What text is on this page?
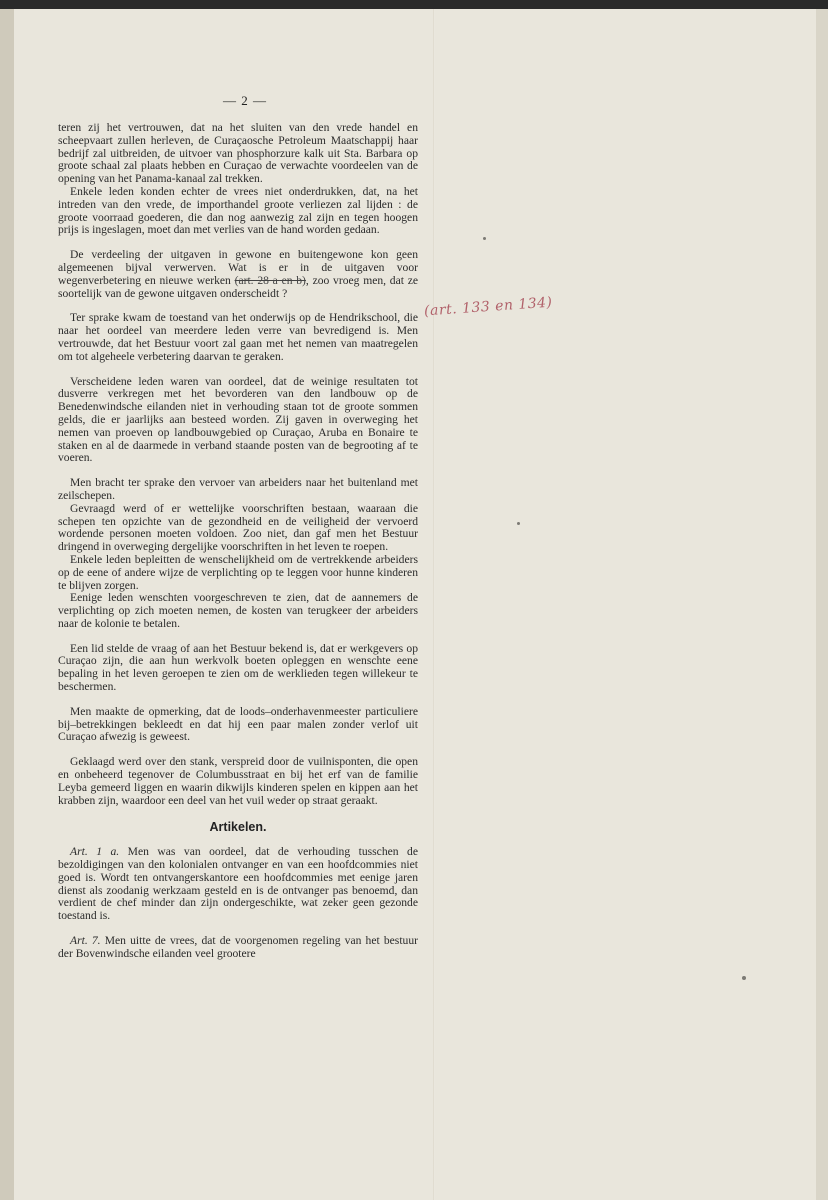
— 2 —

teren zij het vertrouwen, dat na het sluiten van den vrede handel en scheepvaart zullen herleven, de Curaçaosche Petroleum Maatschappij haar bedrijf zal uitbreiden, de uitvoer van phosphorzure kalk uit Sta. Barbara op groote schaal zal plaats hebben en Curaçao de verwachte voordeelen van de opening van het Panama-kanaal zal trekken.

Enkele leden konden echter de vrees niet onderdrukken, dat, na het intreden van den vrede, de importhandel groote verliezen zal lijden : de groote voorraad goederen, die dan nog aanwezig zal zijn en tegen hoogen prijs is ingeslagen, moet dan met verlies van de hand worden gedaan.

De verdeeling der uitgaven in gewone en buitengewone kon geen algemeenen bijval verwerven. Wat is er in de uitgaven voor wegenverbetering en nieuwe werken (art. 28 a en b), zoo vroeg men, dat ze soortelijk van de gewone uitgaven onderscheidt ?

Ter sprake kwam de toestand van het onderwijs op de Hendrikschool, die naar het oordeel van meerdere leden verre van bevredigend is. Men vertrouwde, dat het Bestuur voort zal gaan met het nemen van maatregelen om tot algeheele verbetering daarvan te geraken.

Verscheidene leden waren van oordeel, dat de weinige resultaten tot dusverre verkregen met het bevorderen van den landbouw op de Benedenwindsche eilanden niet in verhouding staan tot de groote sommen gelds, die er jaarlijks aan besteed worden. Zij gaven in overweging het nemen van proeven op landbouwgebied op Curaçao, Aruba en Bonaire te staken en al de daarmede in verband staande posten van de begrooting af te voeren.

Men bracht ter sprake den vervoer van arbeiders naar het buitenland met zeilschepen.

Gevraagd werd of er wettelijke voorschriften bestaan, waaraan die schepen ten opzichte van de gezondheid en de veiligheid der vervoerd wordende personen moeten voldoen. Zoo niet, dan gaf men het Bestuur dringend in overweging dergelijke voorschriften in het leven te roepen.

Enkele leden bepleitten de wenschelijkheid om de vertrekkende arbeiders op de eene of andere wijze de verplichting op te leggen voor hunne kinderen te blijven zorgen.

Eenige leden wenschten voorgeschreven te zien, dat de aannemers de verplichting op zich moeten nemen, de kosten van terugkeer der arbeiders naar de kolonie te betalen.

Een lid stelde de vraag of aan het Bestuur bekend is, dat er werkgevers op Curaçao zijn, die aan hun werkvolk boeten opleggen en wenschte eene bepaling in het leven geroepen te zien om de werklieden tegen willekeur te beschermen.

Men maakte de opmerking, dat de loods–onderhavenmeester particuliere bij–betrekkingen bekleedt en dat hij een paar malen zonder verlof uit Curaçao afwezig is geweest.

Geklaagd werd over den stank, verspreid door de vuilnisponten, die open en onbeheerd tegenover de Columbusstraat en bij het erf van de familie Leyba gemeerd liggen en waarin dikwijls kinderen spelen en kippen aan het krabben zijn, waardoor een deel van het vuil weder op straat geraakt.

Artikelen.

Art. 1 a. Men was van oordeel, dat de verhouding tusschen de bezoldigingen van den kolonialen ontvanger en van een hoofdcommies niet goed is. Wordt ten ontvangerskantore een hoofdcommies met eenige jaren dienst als zoodanig werkzaam gesteld en is de ontvanger pas benoemd, dan verdient de chef minder dan zijn ondergeschikte, wat zeker geen gezonde toestand is.

Art. 7. Men uitte de vrees, dat de voorgenomen regeling van het bestuur der Bovenwindsche eilanden veel grootere

(art. 133 en 134)
